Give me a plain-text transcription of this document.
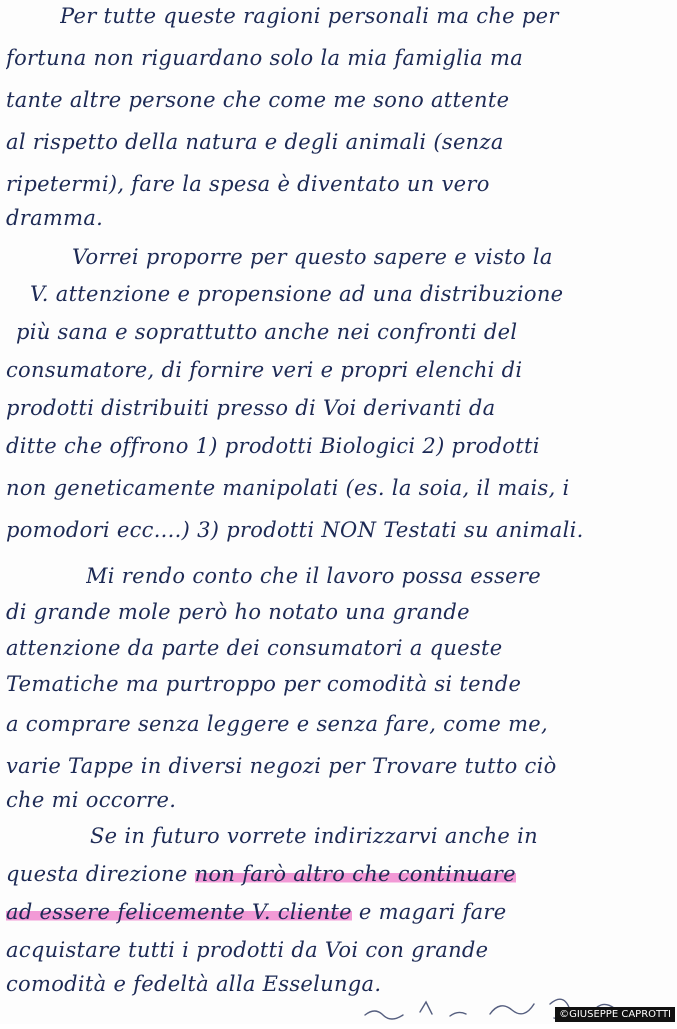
Per tutte queste ragioni personali ma che per
fortuna non riguardano solo la mia famiglia ma
tante altre persone che come me sono attente
al rispetto della natura e degli animali (senza
ripetermi), fare la spesa è diventato un vero
dramma.
Vorrei proporre per questo sapere e visto la
V. attenzione e propensione ad una distribuzione
più sana e soprattutto anche nei confronti del
consumatore, di fornire veri e propri elenchi di
prodotti distribuiti presso di Voi derivanti da
ditte che offrono 1) prodotti Biologici 2) prodotti
non geneticamente manipolati (es. la soia, il mais, i
pomodori ecc....) 3) prodotti NON Testati su animali.
Mi rendo conto che il lavoro possa essere
di grande mole però ho notato una grande
attenzione da parte dei consumatori a queste
Tematiche ma purtroppo per comodità si tende
a comprare senza leggere e senza fare, come me,
varie Tappe in diversi negozi per Trovare tutto ciò
che mi occorre.
Se in futuro vorrete indirizzarvi anche in
questa direzione non farò altro che continuare
ad essere felicemente V. cliente e magari fare
acquistare tutti i prodotti da Voi con grande
comodità e fedeltà alla Esselunga.
©GIUSEPPE CAPROTTI
